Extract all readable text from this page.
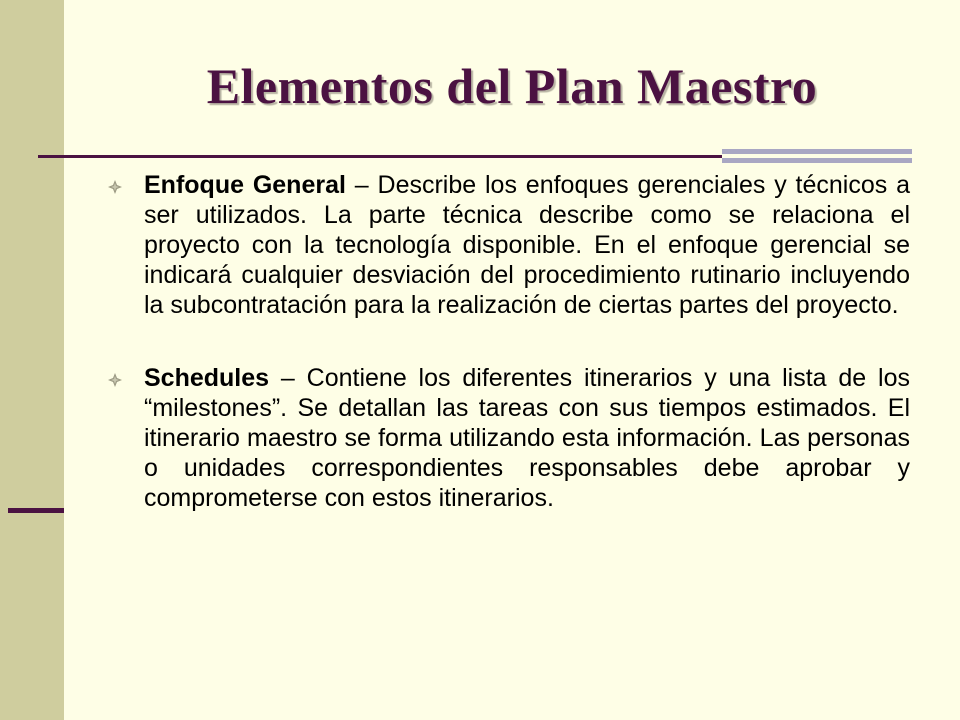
Elementos del Plan Maestro
Enfoque General – Describe los enfoques gerenciales y técnicos a ser utilizados. La parte técnica describe como se relaciona el proyecto con la tecnología disponible. En el enfoque gerencial se indicará cualquier desviación del procedimiento rutinario incluyendo la subcontratación para la realización de ciertas partes del proyecto.
Schedules – Contiene los diferentes itinerarios y una lista de los “milestones”. Se detallan las tareas con sus tiempos estimados. El itinerario maestro se forma utilizando esta información. Las personas o unidades correspondientes responsables debe aprobar y comprometerse con estos itinerarios.
